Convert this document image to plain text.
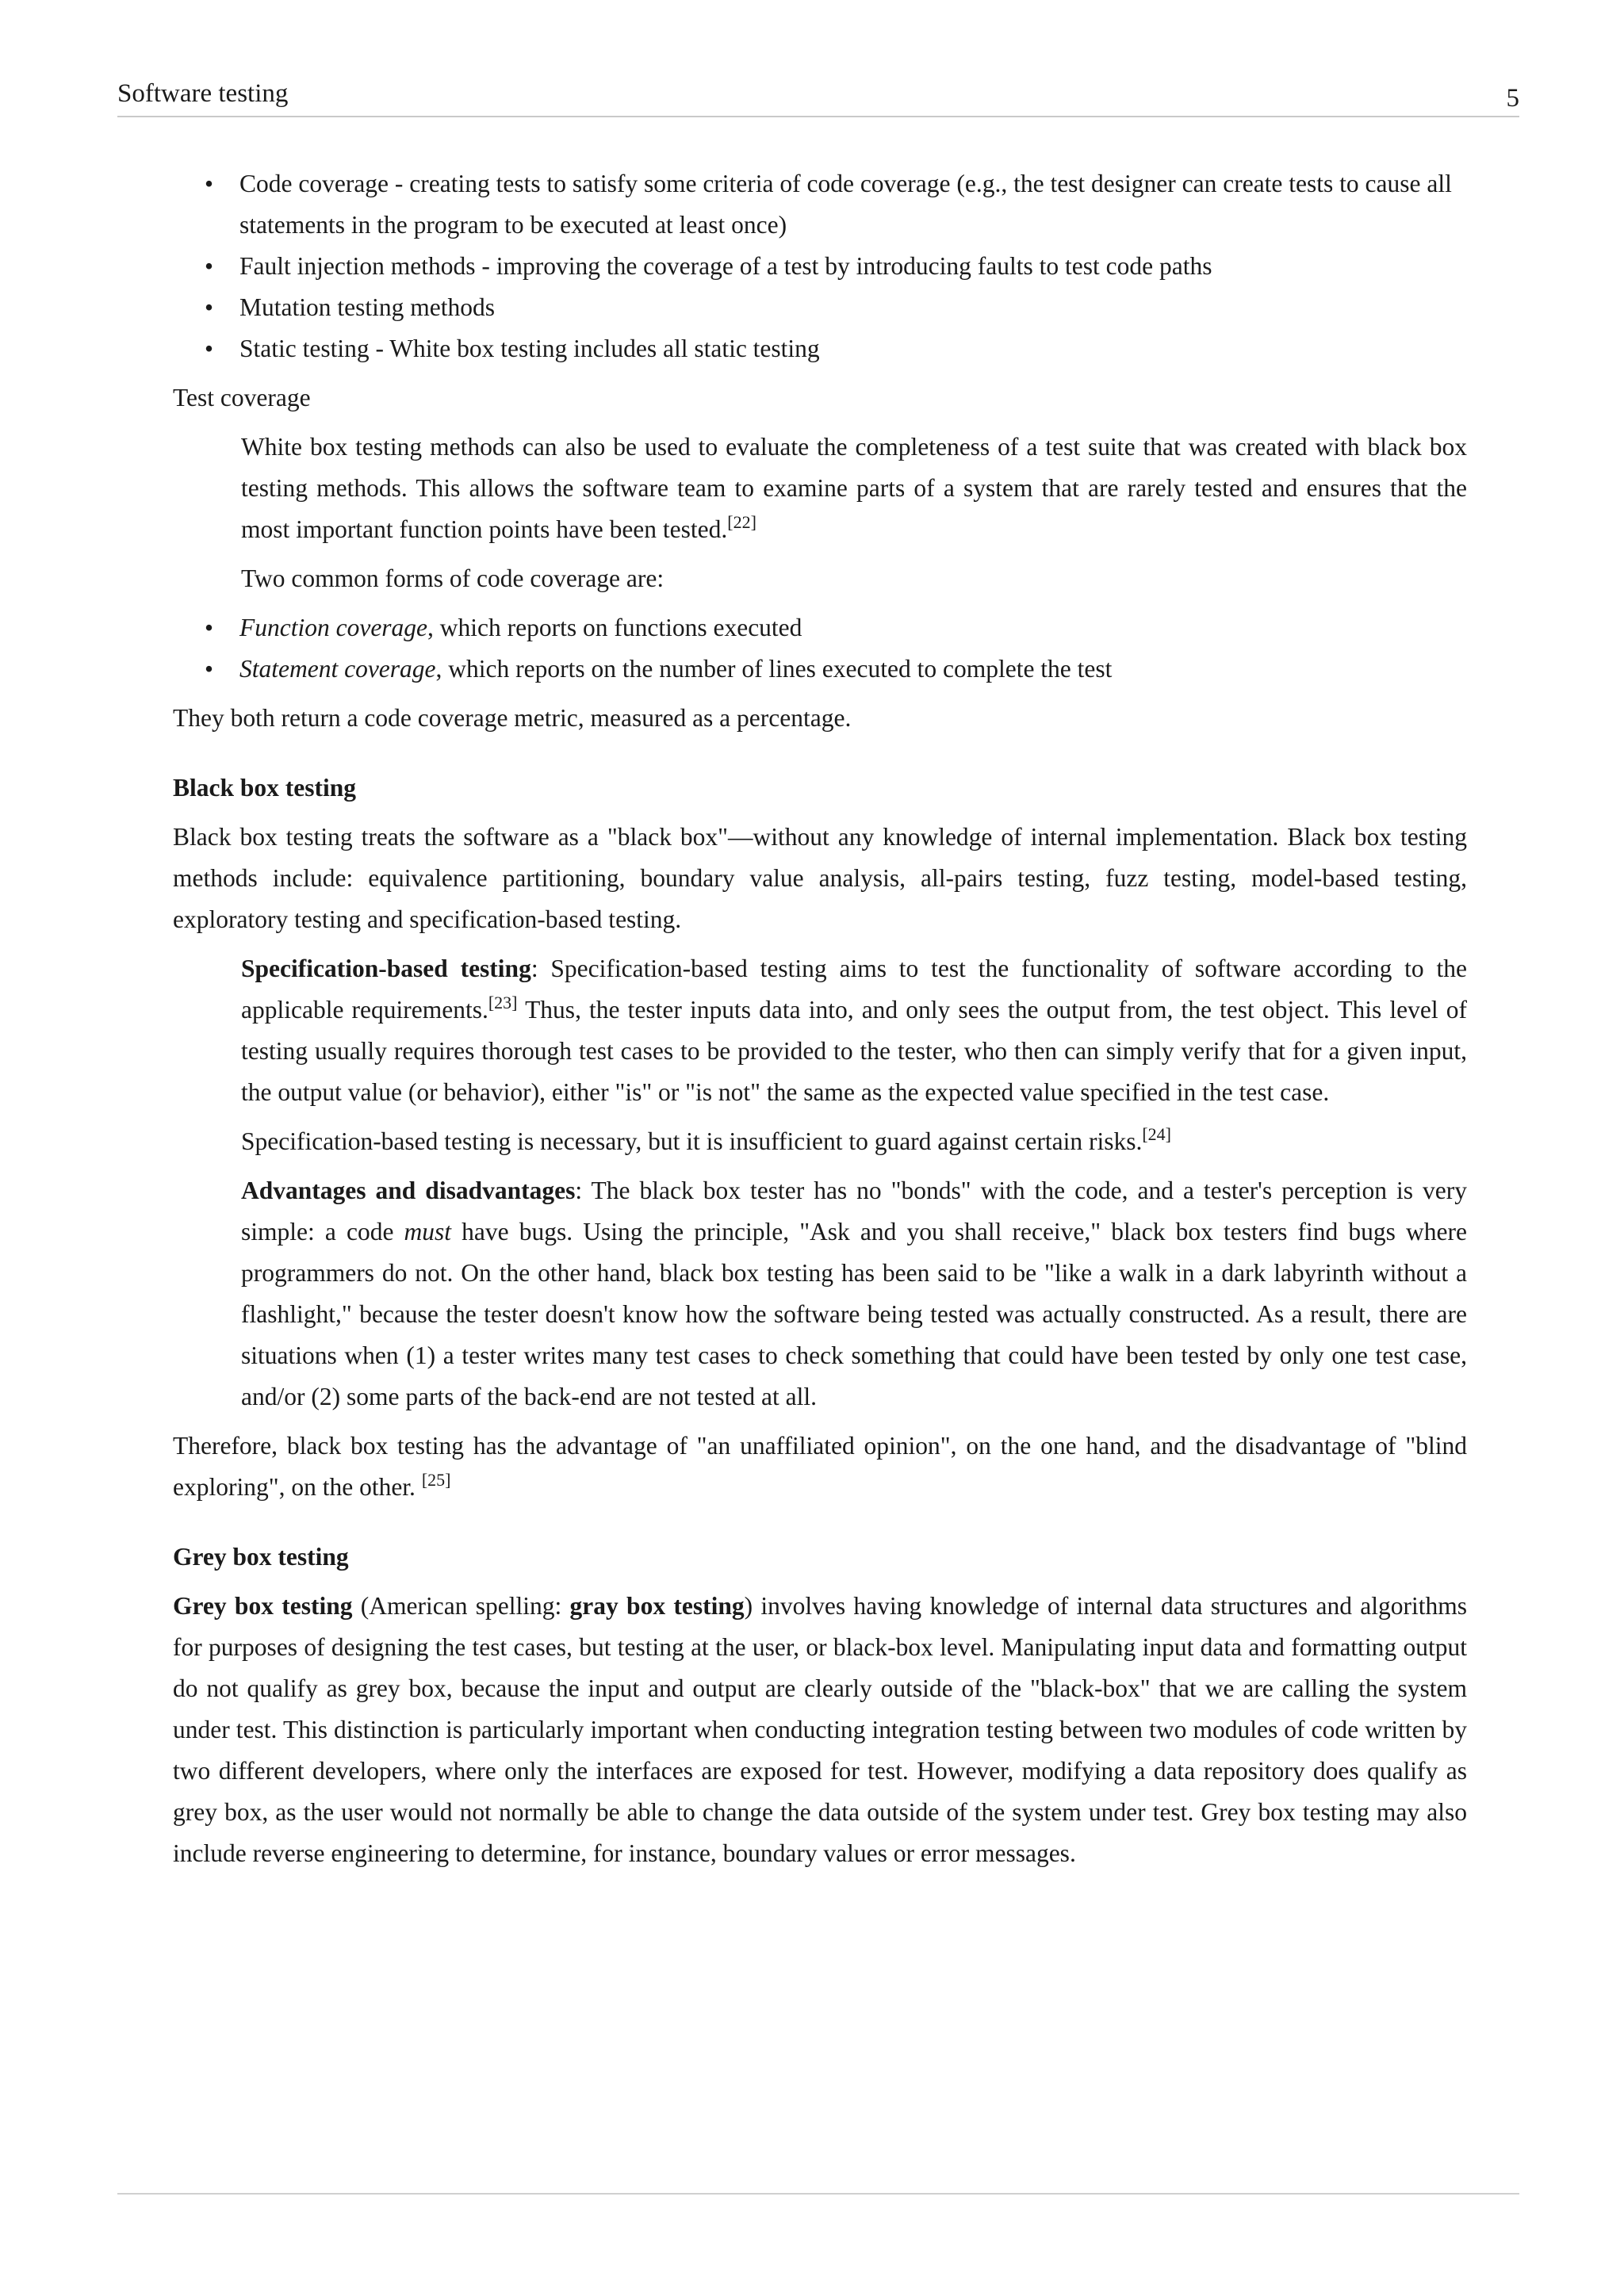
Software testing	5
• Code coverage - creating tests to satisfy some criteria of code coverage (e.g., the test designer can create tests to cause all statements in the program to be executed at least once)
• Fault injection methods - improving the coverage of a test by introducing faults to test code paths
• Mutation testing methods
• Static testing - White box testing includes all static testing

Test coverage

White box testing methods can also be used to evaluate the completeness of a test suite that was created with black box testing methods. This allows the software team to examine parts of a system that are rarely tested and ensures that the most important function points have been tested.[22]

Two common forms of code coverage are:

• Function coverage, which reports on functions executed
• Statement coverage, which reports on the number of lines executed to complete the test

They both return a code coverage metric, measured as a percentage.

Black box testing

Black box testing treats the software as a "black box"—without any knowledge of internal implementation. Black box testing methods include: equivalence partitioning, boundary value analysis, all-pairs testing, fuzz testing, model-based testing, exploratory testing and specification-based testing.

Specification-based testing: Specification-based testing aims to test the functionality of software according to the applicable requirements.[23] Thus, the tester inputs data into, and only sees the output from, the test object. This level of testing usually requires thorough test cases to be provided to the tester, who then can simply verify that for a given input, the output value (or behavior), either "is" or "is not" the same as the expected value specified in the test case.

Specification-based testing is necessary, but it is insufficient to guard against certain risks.[24]

Advantages and disadvantages: The black box tester has no "bonds" with the code, and a tester's perception is very simple: a code must have bugs. Using the principle, "Ask and you shall receive," black box testers find bugs where programmers do not. On the other hand, black box testing has been said to be "like a walk in a dark labyrinth without a flashlight," because the tester doesn't know how the software being tested was actually constructed. As a result, there are situations when (1) a tester writes many test cases to check something that could have been tested by only one test case, and/or (2) some parts of the back-end are not tested at all.

Therefore, black box testing has the advantage of "an unaffiliated opinion", on the one hand, and the disadvantage of "blind exploring", on the other. [25]

Grey box testing

Grey box testing (American spelling: gray box testing) involves having knowledge of internal data structures and algorithms for purposes of designing the test cases, but testing at the user, or black-box level. Manipulating input data and formatting output do not qualify as grey box, because the input and output are clearly outside of the "black-box" that we are calling the system under test. This distinction is particularly important when conducting integration testing between two modules of code written by two different developers, where only the interfaces are exposed for test. However, modifying a data repository does qualify as grey box, as the user would not normally be able to change the data outside of the system under test. Grey box testing may also include reverse engineering to determine, for instance, boundary values or error messages.
